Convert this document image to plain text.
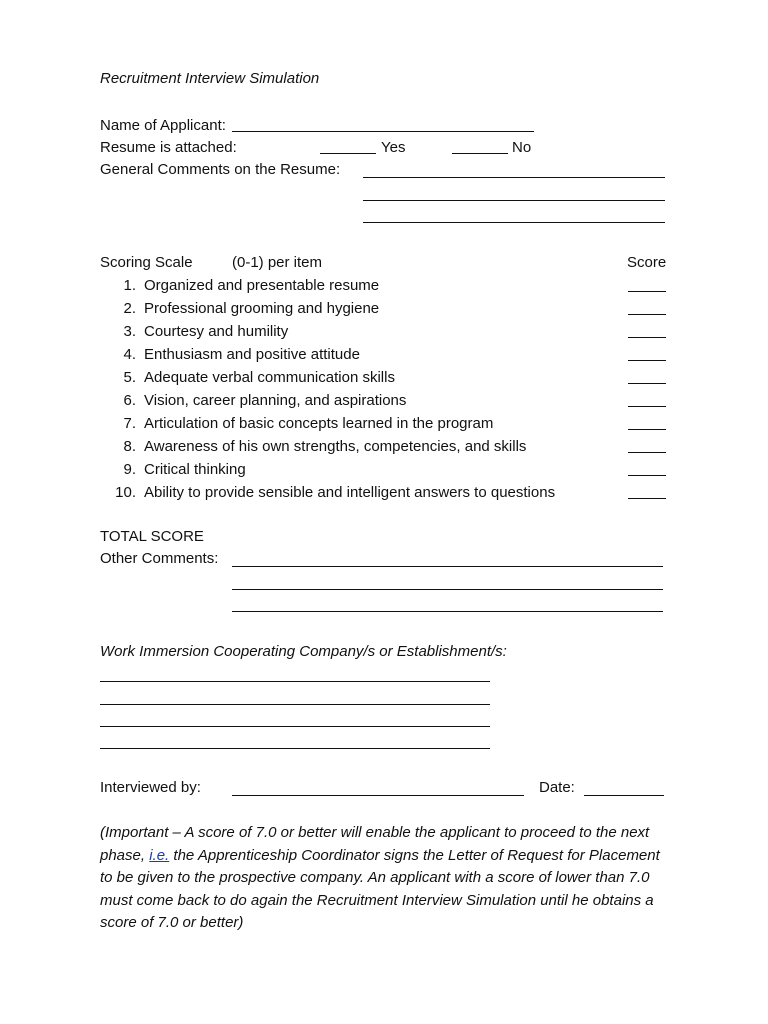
Recruitment Interview Simulation
Name of Applicant:
Resume is attached:	Yes	No
General Comments on the Resume:
Scoring Scale	(0-1) per item	Score
1. Organized and presentable resume
2. Professional grooming and hygiene
3. Courtesy and humility
4. Enthusiasm and positive attitude
5. Adequate verbal communication skills
6. Vision, career planning, and aspirations
7. Articulation of basic concepts learned in the program
8. Awareness of his own strengths, competencies, and skills
9. Critical thinking
10. Ability to provide sensible and intelligent answers to questions
TOTAL SCORE
Other Comments:
Work Immersion Cooperating Company/s or Establishment/s:
Interviewed by:	Date:
(Important – A score of 7.0 or better will enable the applicant to proceed to the next phase, i.e. the Apprenticeship Coordinator signs the Letter of Request for Placement to be given to the prospective company. An applicant with a score of lower than 7.0 must come back to do again the Recruitment Interview Simulation until he obtains a score of 7.0 or better)
